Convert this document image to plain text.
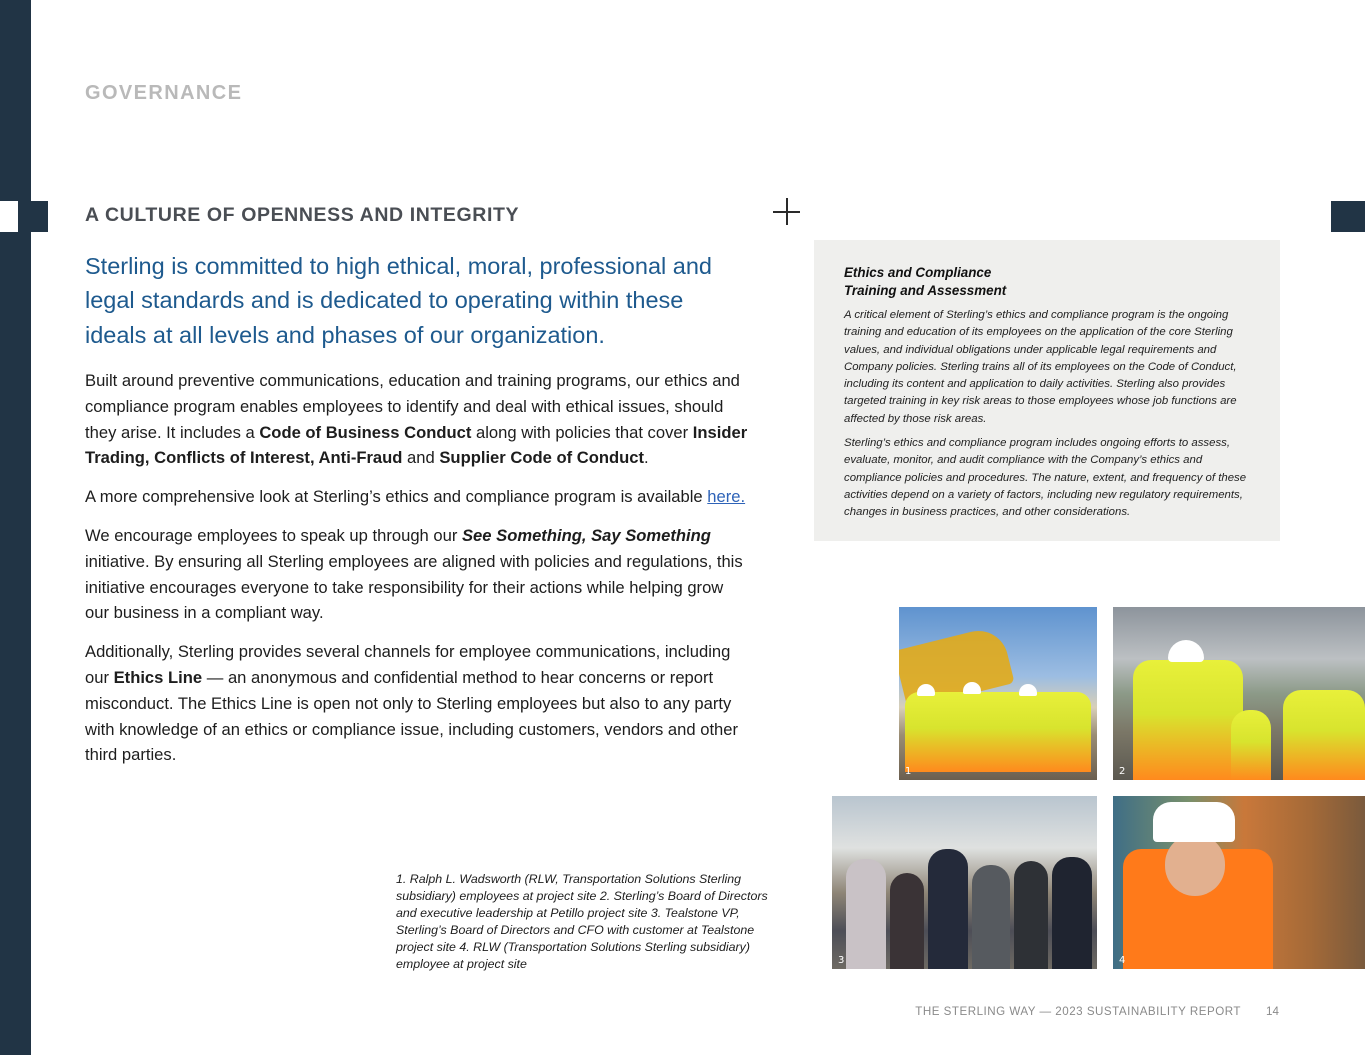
GOVERNANCE
A CULTURE OF OPENNESS AND INTEGRITY

Sterling is committed to high ethical, moral, professional and legal standards and is dedicated to operating within these ideals at all levels and phases of our organization.

Built around preventive communications, education and training programs, our ethics and compliance program enables employees to identify and deal with ethical issues, should they arise. It includes a Code of Business Conduct along with policies that cover Insider Trading, Conflicts of Interest, Anti-Fraud and Supplier Code of Conduct.

A more comprehensive look at Sterling’s ethics and compliance program is available here.

We encourage employees to speak up through our See Something, Say Something initiative. By ensuring all Sterling employees are aligned with policies and regulations, this initiative encourages everyone to take responsibility for their actions while helping grow our business in a compliant way.

Additionally, Sterling provides several channels for employee communications, including our Ethics Line — an anonymous and confidential method to hear concerns or report misconduct. The Ethics Line is open not only to Sterling employees but also to any party with knowledge of an ethics or compliance issue, including customers, vendors and other third parties.

Ethics and Compliance
Training and Assessment

A critical element of Sterling’s ethics and compliance program is the ongoing training and education of its employees on the application of the core Sterling values, and individual obligations under applicable legal requirements and Company policies. Sterling trains all of its employees on the Code of Conduct, including its content and application to daily activities. Sterling also provides targeted training in key risk areas to those employees whose job functions are affected by those risk areas.

Sterling’s ethics and compliance program includes ongoing efforts to assess, evaluate, monitor, and audit compliance with the Company’s ethics and compliance policies and procedures. The nature, extent, and frequency of these activities depend on a variety of factors, including new regulatory requirements, changes in business practices, and other considerations.

1	2
3	4
1. Ralph L. Wadsworth (RLW, Transportation Solutions Sterling subsidiary) employees at project site 2. Sterling’s Board of Directors and executive leadership at Petillo project site 3. Tealstone VP, Sterling’s Board of Directors and CFO with customer at Tealstone project site 4. RLW (Transportation Solutions Sterling subsidiary) employee at project site
THE STERLING WAY — 2023 SUSTAINABILITY REPORT 14
